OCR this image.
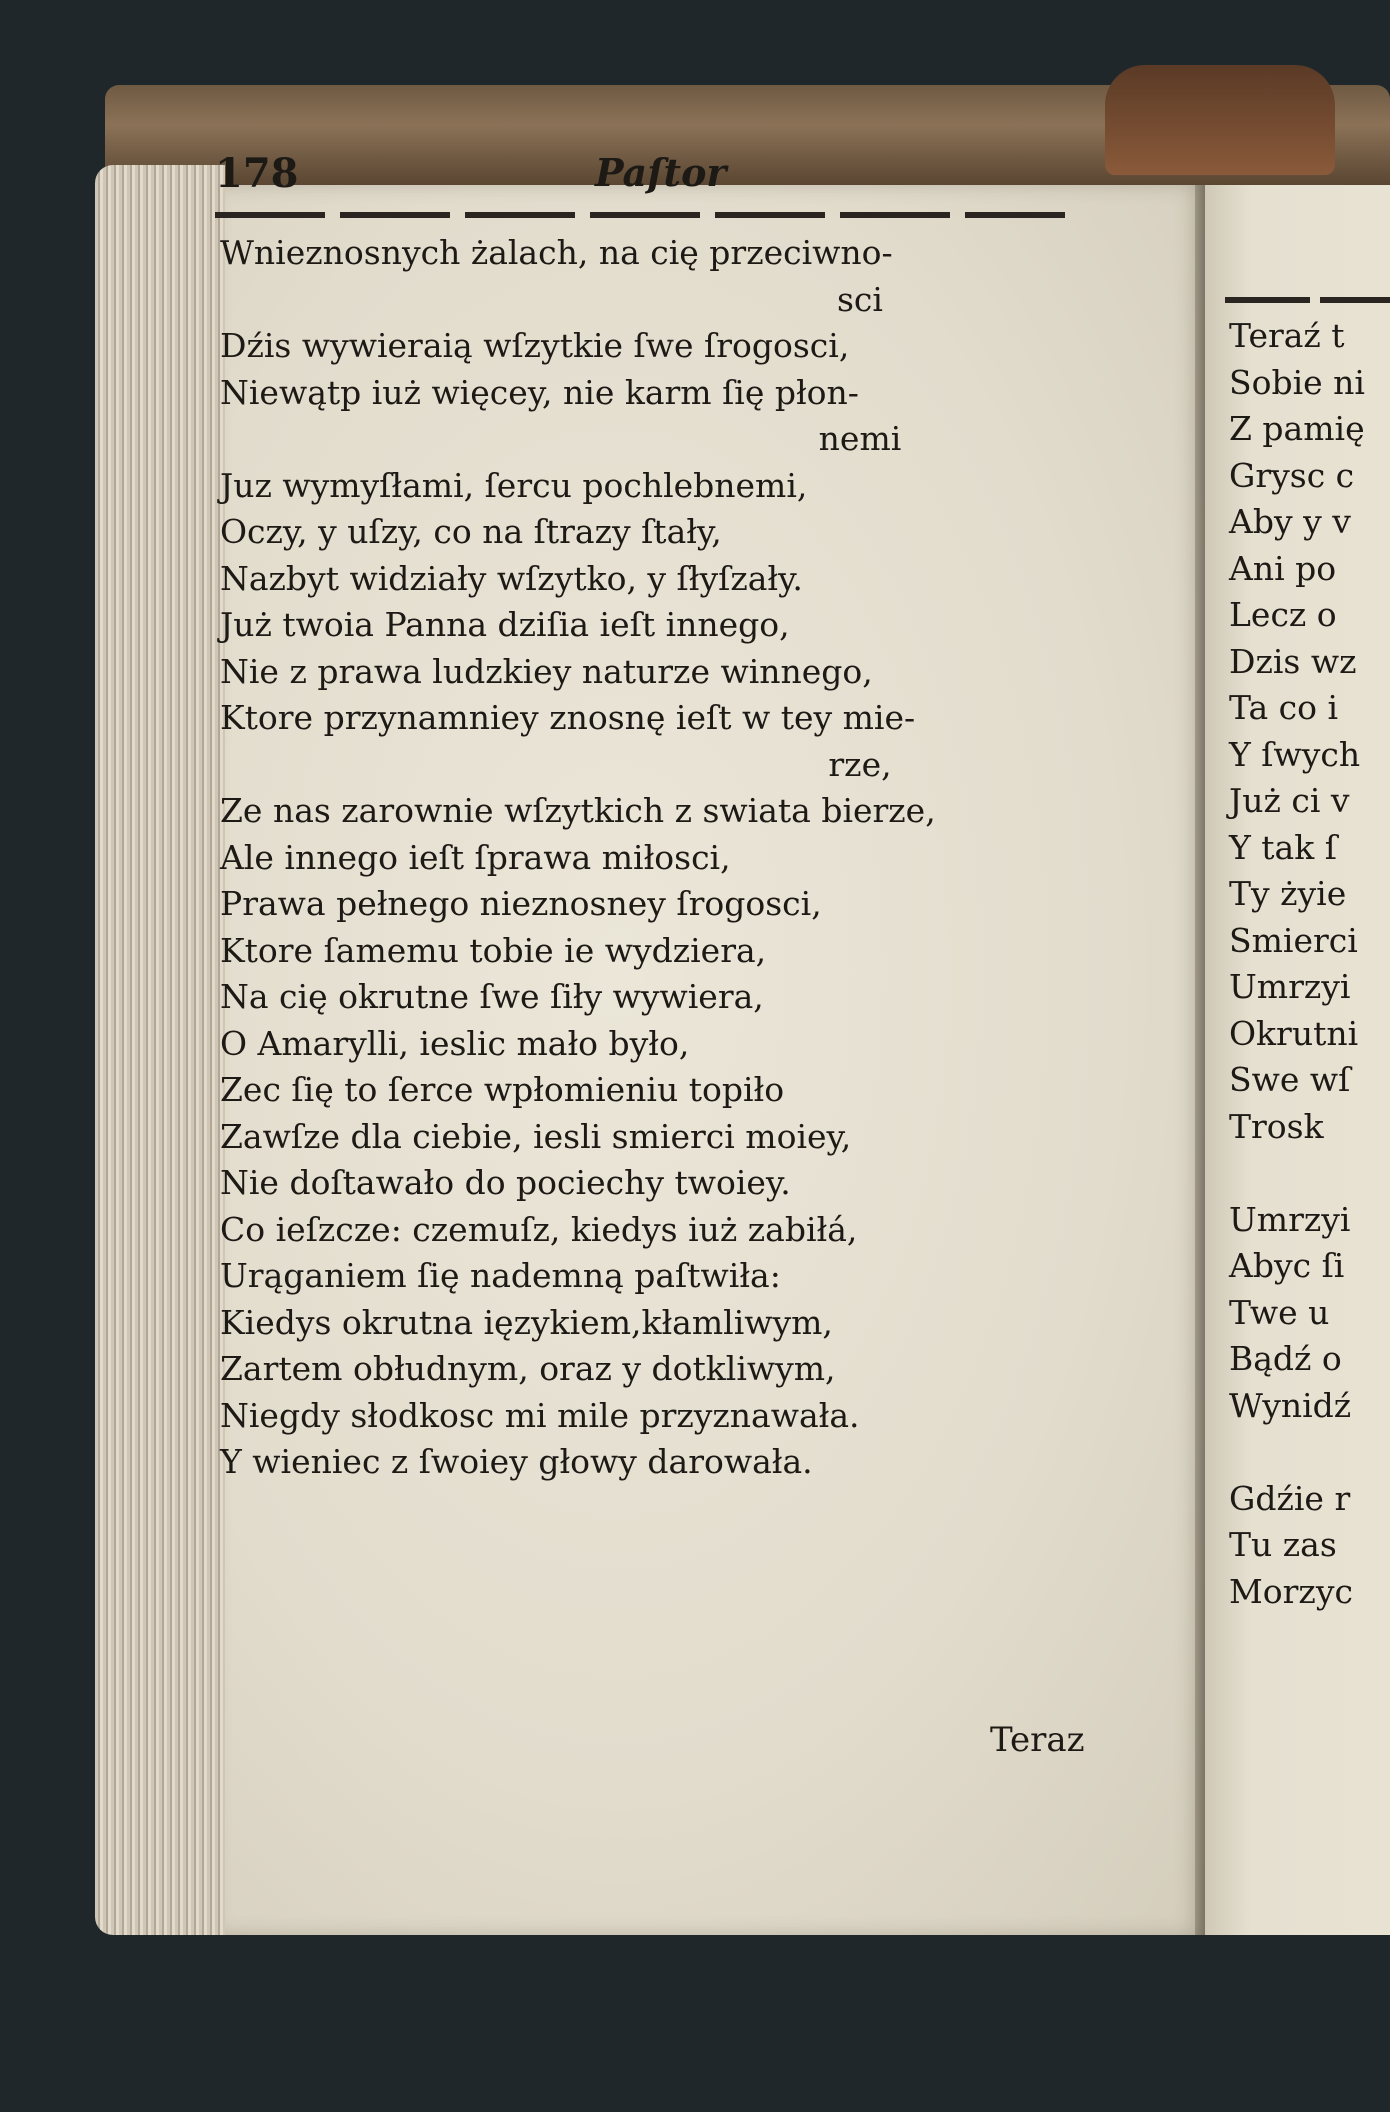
Teraź t
Sobie ni
Z pamię
Grysc c
Aby y v
Ani po
Lecz o
Dzis wz
Ta co i
Y ſwych
Już ci v
Y tak ſ
Ty żyie
Smierci
Umrzyi
Okrutni
Swe wſ
Trosk
Umrzyi
Abyc ſi
Twe u
Bądź o
Wynidź
Gdźie r
Tu zas
Morzyc
178	Paſtor
Wnieznosnych żalach, na cię przeciwno-
sci
Dźis wywieraią wſzytkie ſwe ſrogosci,
Niewątp iuż więcey, nie karm ſię płon-
nemi
Juz wymyſłami, ſercu pochlebnemi,
Oczy, y uſzy, co na ſtrazy ſtały,
Nazbyt widziały wſzytko, y ſłyſzały.
Już twoia Panna dziſia ieſt innego,
Nie z prawa ludzkiey naturze winnego,
Ktore przynamniey znosnę ieſt w tey mie-
rze,
Ze nas zarownie wſzytkich z swiata bierze,
Ale innego ieſt ſprawa miłosci,
Prawa pełnego nieznosney ſrogosci,
Ktore ſamemu tobie ie wydziera,
Na cię okrutne ſwe ſiły wywiera,
O Amarylli, ieslic mało było,
Zec ſię to ſerce wpłomieniu topiło
Zawſze dla ciebie, iesli smierci moiey,
Nie doſtawało do pociechy twoiey.
Co ieſzcze: czemuſz, kiedys iuż zabiłá,
Urąganiem ſię nademną paſtwiła:
Kiedys okrutna ięzykiem,kłamliwym,
Zartem obłudnym, oraz y dotkliwym,
Niegdy słodkosc mi mile przyznawała.
Y wieniec z ſwoiey głowy darowała.
Teraz
